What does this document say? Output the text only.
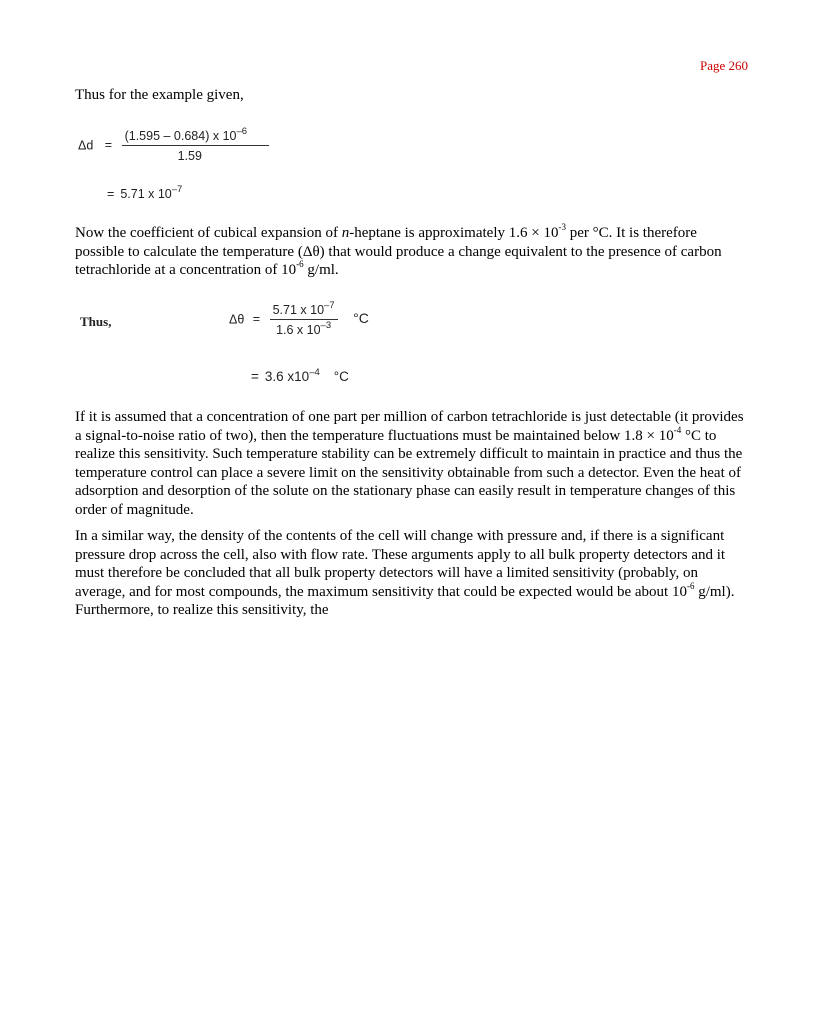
Page 260

Thus for the example given,

$\Delta d = \frac{(1.595 - 0.684) x 10^{-6}}{1.59}$
= 5.71 x $10^{-7}$

Now the coefficient of cubical expansion of n-heptane is approximately $1.6 \times 10^{-3}$ per °C. It is therefore possible to calculate the temperature (Δθ) that would produce a change equivalent to the presence of carbon tetrachloride at a concentration of $10^{-6}$ g/ml.

Thus,	$\Delta\theta = \frac{5.71 x 10^{-7}}{1.6 x 10^{-3}} ^\circ C$
= 3.6 $x10^{-4}$ °C

If it is assumed that a concentration of one part per million of carbon tetrachloride is just detectable (it provides a signal-to-noise ratio of two), then the temperature fluctuations must be maintained below $1.8 \times 10^{-4}$ °C to realize this sensitivity. Such temperature stability can be extremely difficult to maintain in practice and thus the temperature control can place a severe limit on the sensitivity obtainable from such a detector. Even the heat of adsorption and desorption of the solute on the stationary phase can easily result in temperature changes of this order of magnitude.

In a similar way, the density of the contents of the cell will change with pressure and, if there is a significant pressure drop across the cell, also with flow rate. These arguments apply to all bulk property detectors and it must therefore be concluded that all bulk property detectors will have a limited sensitivity (probably, on average, and for most compounds, the maximum sensitivity that could be expected would be about $10^{-6}$ g/ml). Furthermore, to realize this sensitivity, the
